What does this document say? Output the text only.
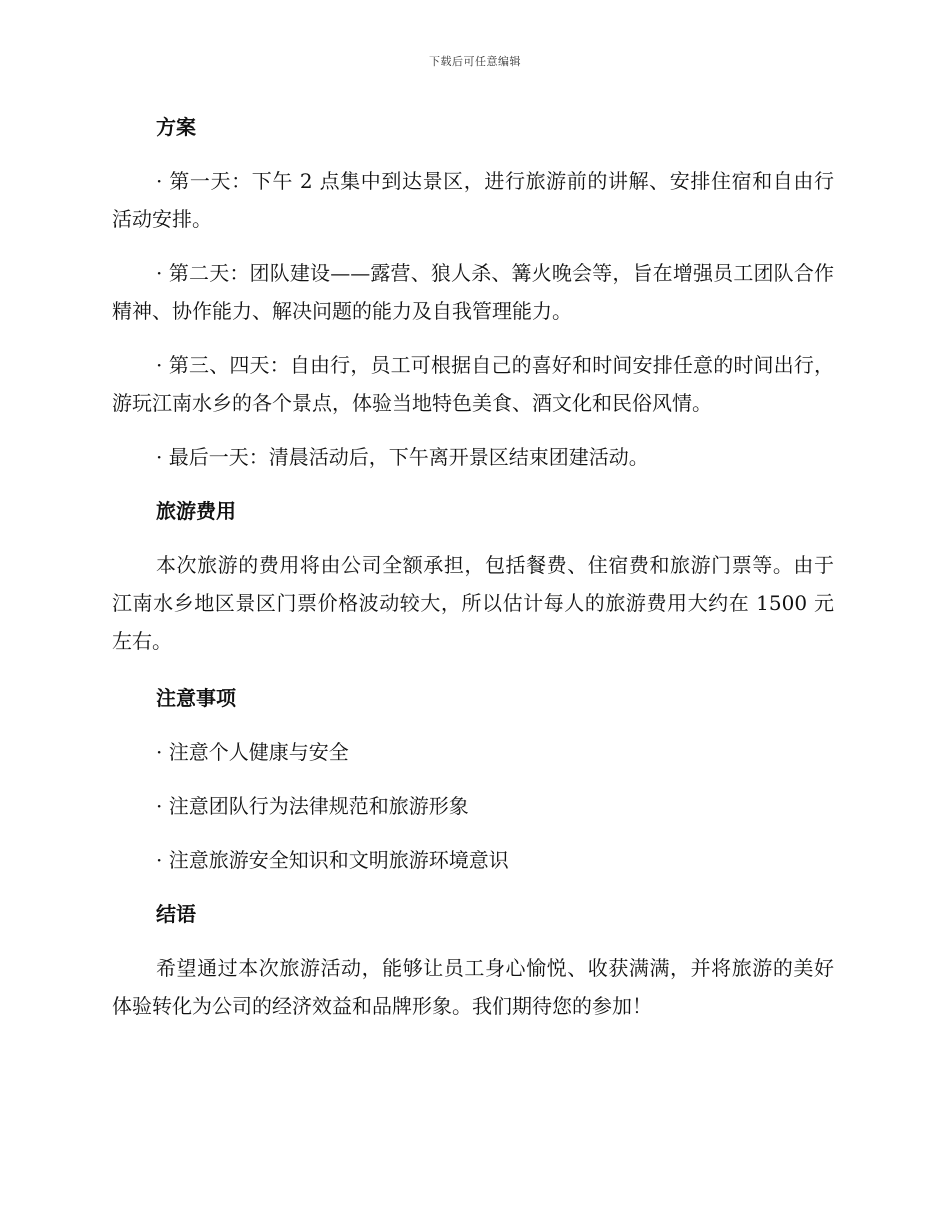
下载后可任意编辑
方案

· 第一天：下午 2 点集中到达景区，进行旅游前的讲解、安排住宿和自由行活动安排。

· 第二天：团队建设——露营、狼人杀、篝火晚会等，旨在增强员工团队合作精神、协作能力、解决问题的能力及自我管理能力。

· 第三、四天：自由行，员工可根据自己的喜好和时间安排任意的时间出行，游玩江南水乡的各个景点，体验当地特色美食、酒文化和民俗风情。

· 最后一天：清晨活动后，下午离开景区结束团建活动。

旅游费用

本次旅游的费用将由公司全额承担，包括餐费、住宿费和旅游门票等。由于江南水乡地区景区门票价格波动较大，所以估计每人的旅游费用大约在 1500 元左右。

注意事项

· 注意个人健康与安全

· 注意团队行为法律规范和旅游形象

· 注意旅游安全知识和文明旅游环境意识

结语

希望通过本次旅游活动，能够让员工身心愉悦、收获满满，并将旅游的美好体验转化为公司的经济效益和品牌形象。我们期待您的参加！
